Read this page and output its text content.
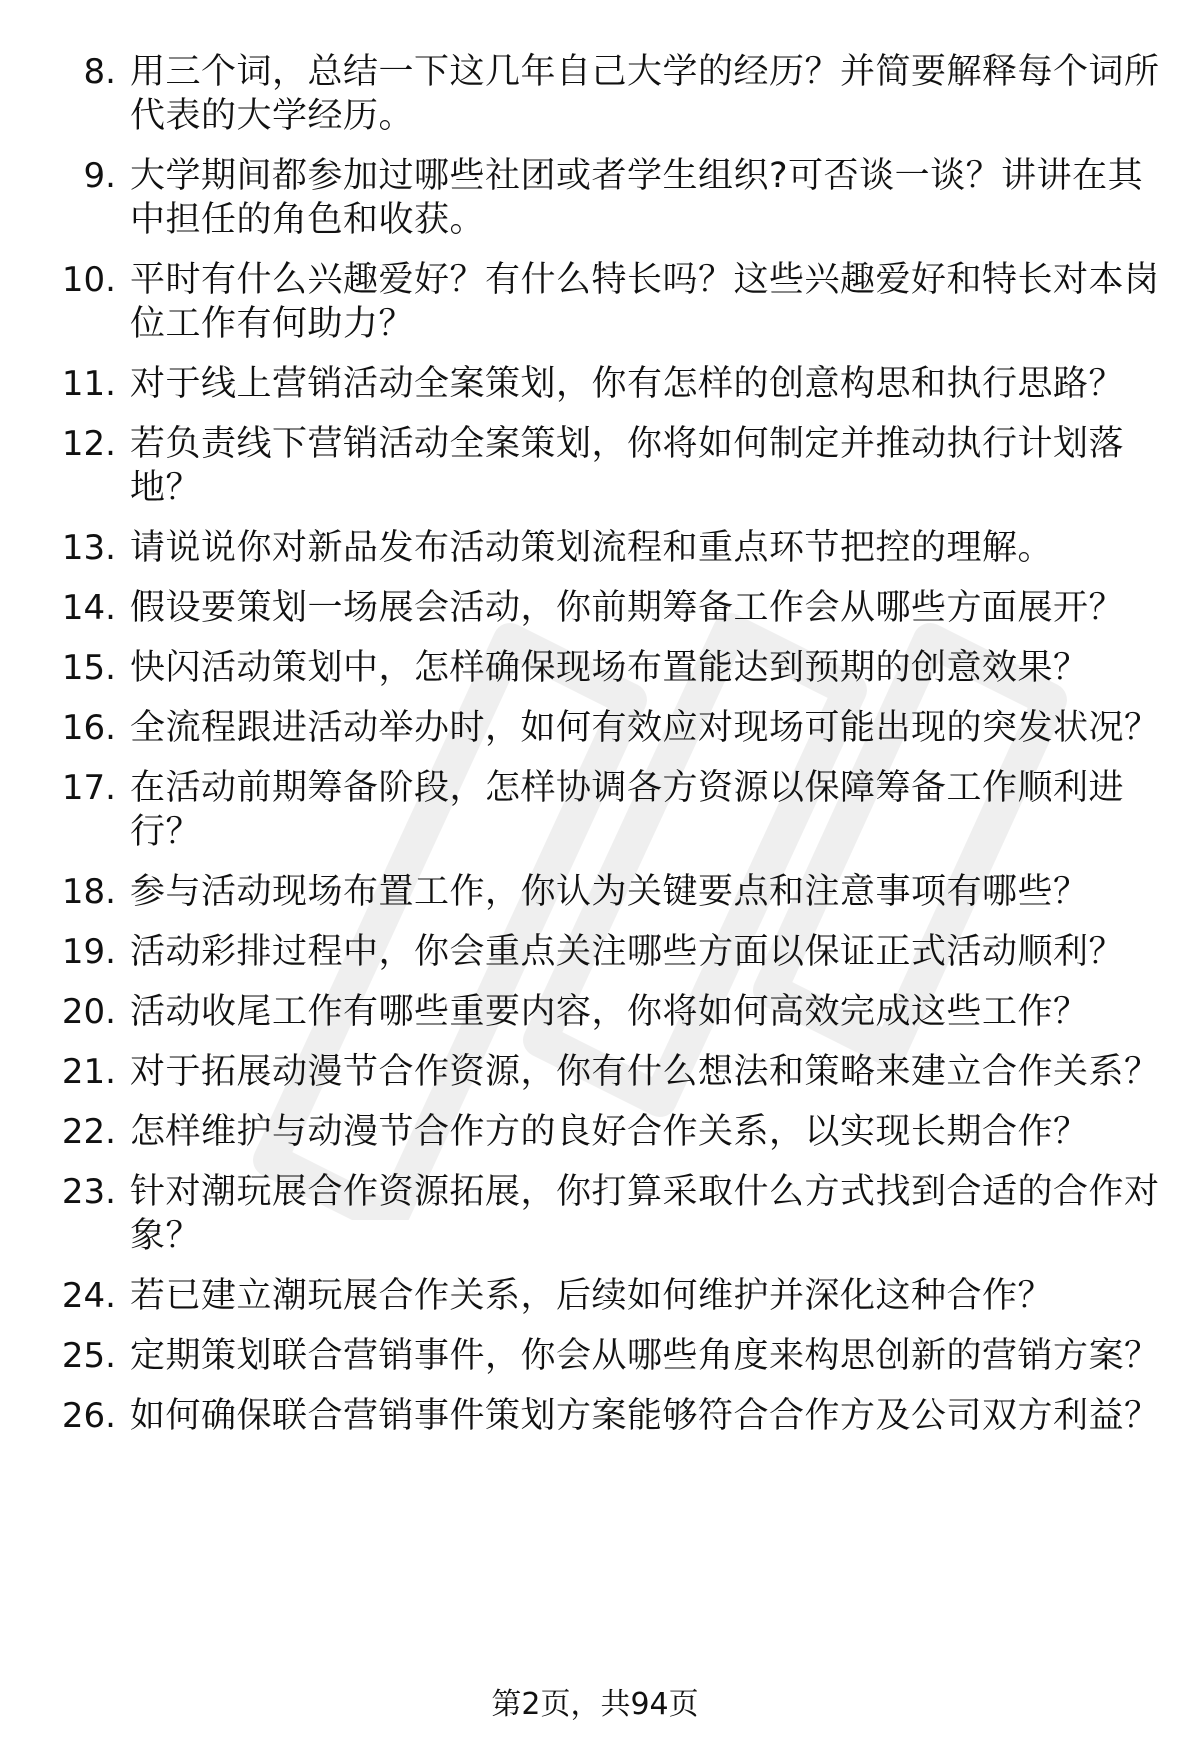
8. 用三个词，总结一下这几年自己大学的经历？并简要解释每个词所代表的大学经历。
9. 大学期间都参加过哪些社团或者学生组织?可否谈一谈？讲讲在其中担任的角色和收获。
10. 平时有什么兴趣爱好？有什么特长吗？这些兴趣爱好和特长对本岗位工作有何助力？
11. 对于线上营销活动全案策划，你有怎样的创意构思和执行思路？
12. 若负责线下营销活动全案策划，你将如何制定并推动执行计划落地？
13. 请说说你对新品发布活动策划流程和重点环节把控的理解。
14. 假设要策划一场展会活动，你前期筹备工作会从哪些方面展开？
15. 快闪活动策划中，怎样确保现场布置能达到预期的创意效果？
16. 全流程跟进活动举办时，如何有效应对现场可能出现的突发状况？
17. 在活动前期筹备阶段，怎样协调各方资源以保障筹备工作顺利进行？
18. 参与活动现场布置工作，你认为关键要点和注意事项有哪些？
19. 活动彩排过程中，你会重点关注哪些方面以保证正式活动顺利？
20. 活动收尾工作有哪些重要内容，你将如何高效完成这些工作？
21. 对于拓展动漫节合作资源，你有什么想法和策略来建立合作关系？
22. 怎样维护与动漫节合作方的良好合作关系，以实现长期合作？
23. 针对潮玩展合作资源拓展，你打算采取什么方式找到合适的合作对象？
24. 若已建立潮玩展合作关系，后续如何维护并深化这种合作？
25. 定期策划联合营销事件，你会从哪些角度来构思创新的营销方案？
26. 如何确保联合营销事件策划方案能够符合合作方及公司双方利益？
第2页，共94页
